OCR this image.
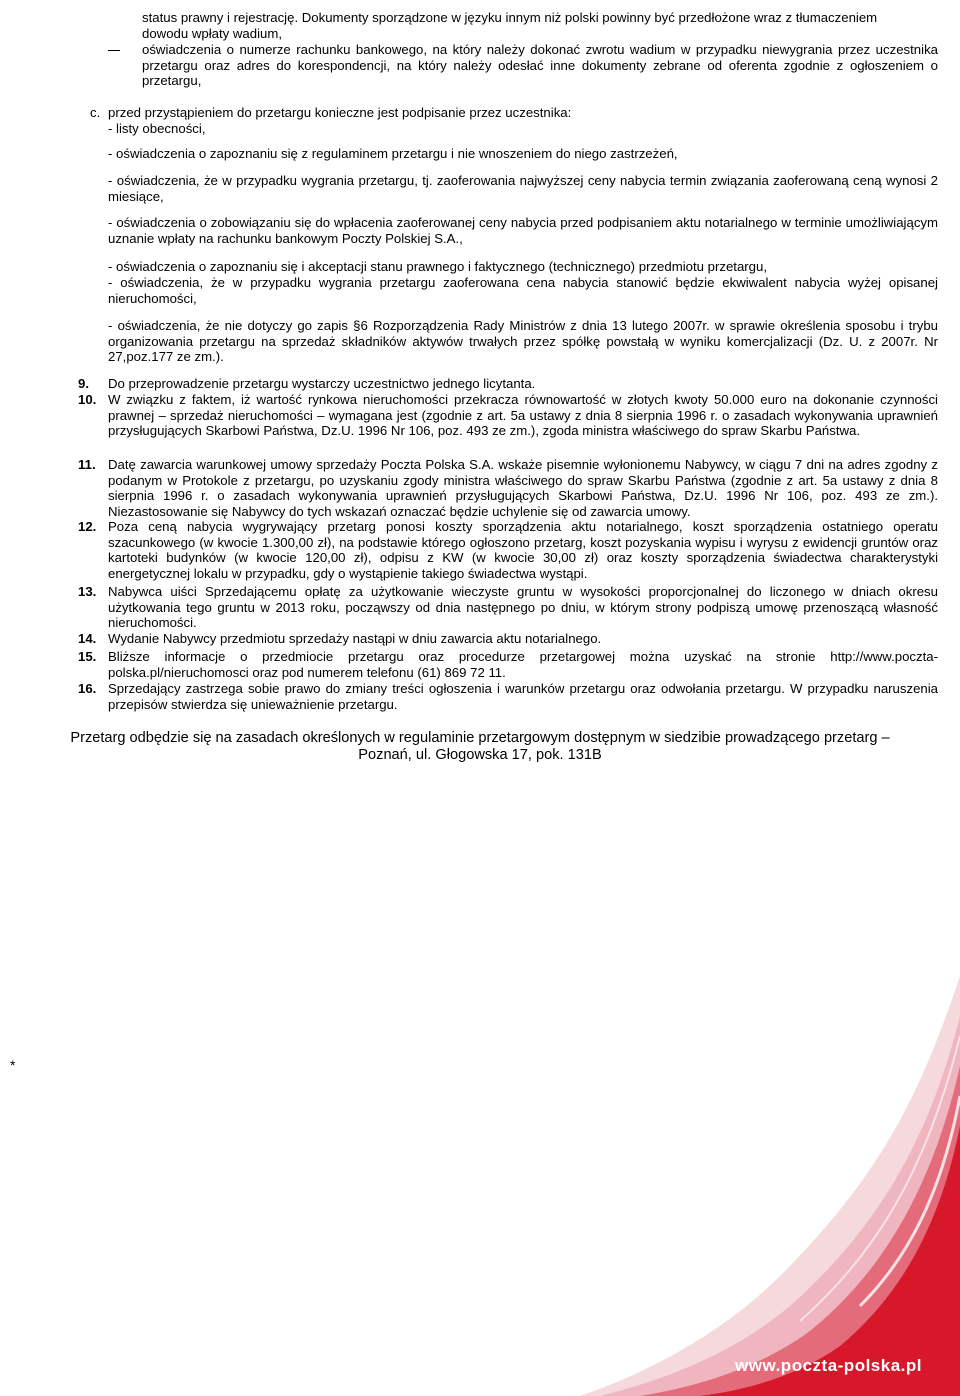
www.poczta-polska.pl
status prawny i rejestrację. Dokumenty sporządzone w języku innym niż polski powinny być przedłożone wraz z tłumaczeniem
dowodu wpłaty wadium,
oświadczenia o numerze rachunku bankowego, na który należy dokonać zwrotu wadium w przypadku niewygrania przez uczestnika przetargu oraz adres do korespondencji, na który należy odesłać inne dokumenty zebrane od oferenta zgodnie z ogłoszeniem o przetargu,
c. przed przystąpieniem do przetargu konieczne jest podpisanie przez uczestnika:
- listy obecności,
- oświadczenia o zapoznaniu się z regulaminem przetargu i nie wnoszeniem do niego zastrzeżeń,
- oświadczenia, że w przypadku wygrania przetargu, tj. zaoferowania najwyższej ceny nabycia termin związania zaoferowaną ceną wynosi 2 miesiące,
- oświadczenia o zobowiązaniu się do wpłacenia zaoferowanej ceny nabycia przed podpisaniem aktu notarialnego w terminie umożliwiającym uznanie wpłaty na rachunku bankowym Poczty Polskiej S.A.,
- oświadczenia o zapoznaniu się i akceptacji stanu prawnego i faktycznego (technicznego) przedmiotu przetargu,
- oświadczenia, że w przypadku wygrania przetargu zaoferowana cena nabycia stanowić będzie ekwiwalent nabycia wyżej opisanej nieruchomości,
- oświadczenia, że nie dotyczy go zapis §6 Rozporządzenia Rady Ministrów z dnia 13 lutego 2007r. w sprawie określenia sposobu i trybu organizowania przetargu na sprzedaż składników aktywów trwałych przez spółkę powstałą w wyniku komercjalizacji (Dz. U. z 2007r. Nr 27,poz.177 ze zm.).
9.	Do przeprowadzenie przetargu wystarczy uczestnictwo jednego licytanta.
10. W związku z faktem, iż wartość rynkowa nieruchomości przekracza równowartość w złotych kwoty 50.000 euro na dokonanie czynności prawnej – sprzedaż nieruchomości – wymagana jest (zgodnie z art. 5a ustawy z dnia 8 sierpnia 1996 r. o zasadach wykonywania uprawnień przysługujących Skarbowi Państwa, Dz.U. 1996 Nr 106, poz. 493 ze zm.), zgoda ministra właściwego do spraw Skarbu Państwa.
11. Datę zawarcia warunkowej umowy sprzedaży Poczta Polska S.A. wskaże pisemnie wyłonionemu Nabywcy, w ciągu 7 dni na adres zgodny z podanym w Protokole z przetargu, po uzyskaniu zgody ministra właściwego do spraw Skarbu Państwa (zgodnie z art. 5a ustawy z dnia 8 sierpnia 1996 r. o zasadach wykonywania uprawnień przysługujących Skarbowi Państwa, Dz.U. 1996 Nr 106, poz. 493 ze zm.). Niezastosowanie się Nabywcy do tych wskazań oznaczać będzie uchylenie się od zawarcia umowy.
12. Poza ceną nabycia wygrywający przetarg ponosi koszty sporządzenia aktu notarialnego, koszt sporządzenia ostatniego operatu szacunkowego (w kwocie 1.300,00 zł), na podstawie którego ogłoszono przetarg, koszt pozyskania wypisu i wyrysu z ewidencji gruntów oraz kartoteki budynków (w kwocie 120,00 zł), odpisu z KW (w kwocie 30,00 zł) oraz koszty sporządzenia świadectwa charakterystyki energetycznej lokalu w przypadku, gdy o wystąpienie takiego świadectwa wystąpi.
13. Nabywca uiści Sprzedającemu opłatę za użytkowanie wieczyste gruntu w wysokości proporcjonalnej do liczonego w dniach okresu użytkowania tego gruntu w 2013 roku, począwszy od dnia następnego po dniu, w którym strony podpiszą umowę przenoszącą własność nieruchomości.
14. Wydanie Nabywcy przedmiotu sprzedaży nastąpi w dniu zawarcia aktu notarialnego.
15. Bliższe informacje o przedmiocie przetargu oraz procedurze przetargowej można uzyskać na stronie http://www.poczta-polska.pl/nieruchomosci oraz pod numerem telefonu (61) 869 72 11.
16. Sprzedający zastrzega sobie prawo do zmiany treści ogłoszenia i warunków przetargu oraz odwołania przetargu. W przypadku naruszenia przepisów stwierdza się unieważnienie przetargu.
Przetarg odbędzie się na zasadach określonych w regulaminie przetargowym dostępnym w siedzibie prowadzącego przetarg –
Poznań, ul. Głogowska 17, pok. 131B
*
